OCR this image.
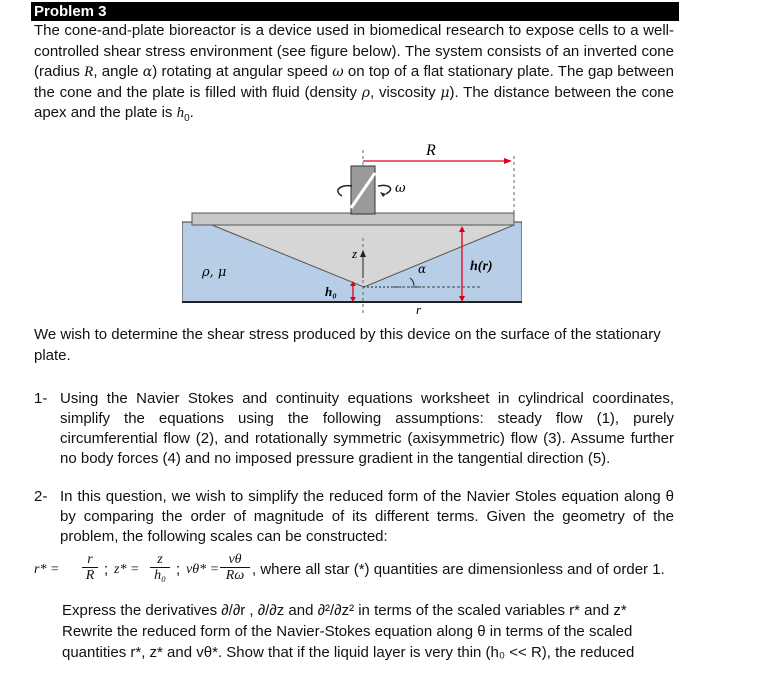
Problem 3
The cone-and-plate bioreactor is a device used in biomedical research to expose cells to a well-controlled shear stress environment (see figure below). The system consists of an inverted cone (radius R, angle α) rotating at angular speed ω on top of a flat stationary plate. The gap between the cone and the plate is filled with fluid (density ρ, viscosity μ). The distance between the cone apex and the plate is $h_0$.
ω
z
r
R
h₀
α	h(r)
ρ, μ
We wish to determine the shear stress produced by this device on the surface of the stationary plate.
1- Using the Navier Stokes and continuity equations worksheet in cylindrical coordinates, simplify the equations using the following assumptions: steady flow (1), purely circumferential flow (2), and rotationally symmetric (axisymmetric) flow (3). Assume further no body forces (4) and no imposed pressure gradient in the tangential direction (5).
2- In this question, we wish to simplify the reduced form of the Navier Stoles equation along θ by comparing the order of magnitude of its different terms. Given the geometry of the problem, the following scales can be constructed:
$r* = \frac{r}{R}$ ; $z* = \frac{z}{\text{h₀}}$ ; $v\theta* = \frac{v\theta}{R\omega}$ , where all star (*) quantities are dimensionless and of order 1.
Express the derivatives ∂/∂r , ∂/∂z and ∂²/∂z² in terms of the scaled variables r* and z*
Rewrite the reduced form of the Navier-Stokes equation along θ in terms of the scaled
quantities r*, z* and vθ*. Show that if the liquid layer is very thin (h₀ << R), the reduced
